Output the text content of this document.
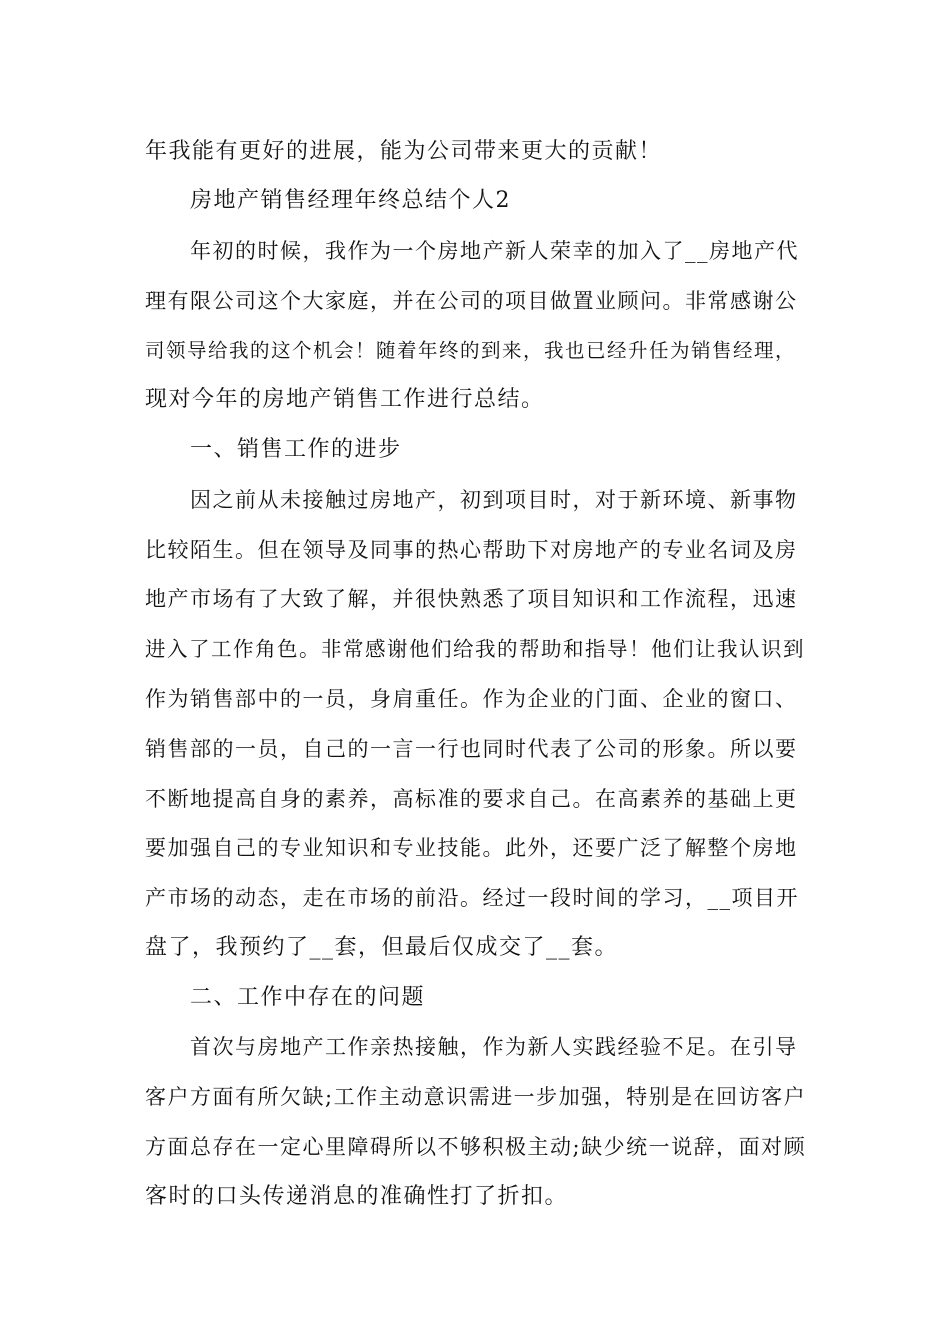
年我能有更好的进展，能为公司带来更大的贡献！
房地产销售经理年终总结个人2
年初的时候，我作为一个房地产新人荣幸的加入了__房地产代
理有限公司这个大家庭，并在公司的项目做置业顾问。非常感谢公
司领导给我的这个机会！随着年终的到来，我也已经升任为销售经理，
现对今年的房地产销售工作进行总结。
一、销售工作的进步
因之前从未接触过房地产，初到项目时，对于新环境、新事物
比较陌生。但在领导及同事的热心帮助下对房地产的专业名词及房
地产市场有了大致了解，并很快熟悉了项目知识和工作流程，迅速
进入了工作角色。非常感谢他们给我的帮助和指导！他们让我认识到
作为销售部中的一员，身肩重任。作为企业的门面、企业的窗口、
销售部的一员，自己的一言一行也同时代表了公司的形象。所以要
不断地提高自身的素养，高标准的要求自己。在高素养的基础上更
要加强自己的专业知识和专业技能。此外，还要广泛了解整个房地
产市场的动态，走在市场的前沿。经过一段时间的学习，__项目开
盘了，我预约了__套，但最后仅成交了__套。
二、工作中存在的问题
首次与房地产工作亲热接触，作为新人实践经验不足。在引导
客户方面有所欠缺;工作主动意识需进一步加强，特别是在回访客户
方面总存在一定心里障碍所以不够积极主动;缺少统一说辞，面对顾
客时的口头传递消息的准确性打了折扣。
